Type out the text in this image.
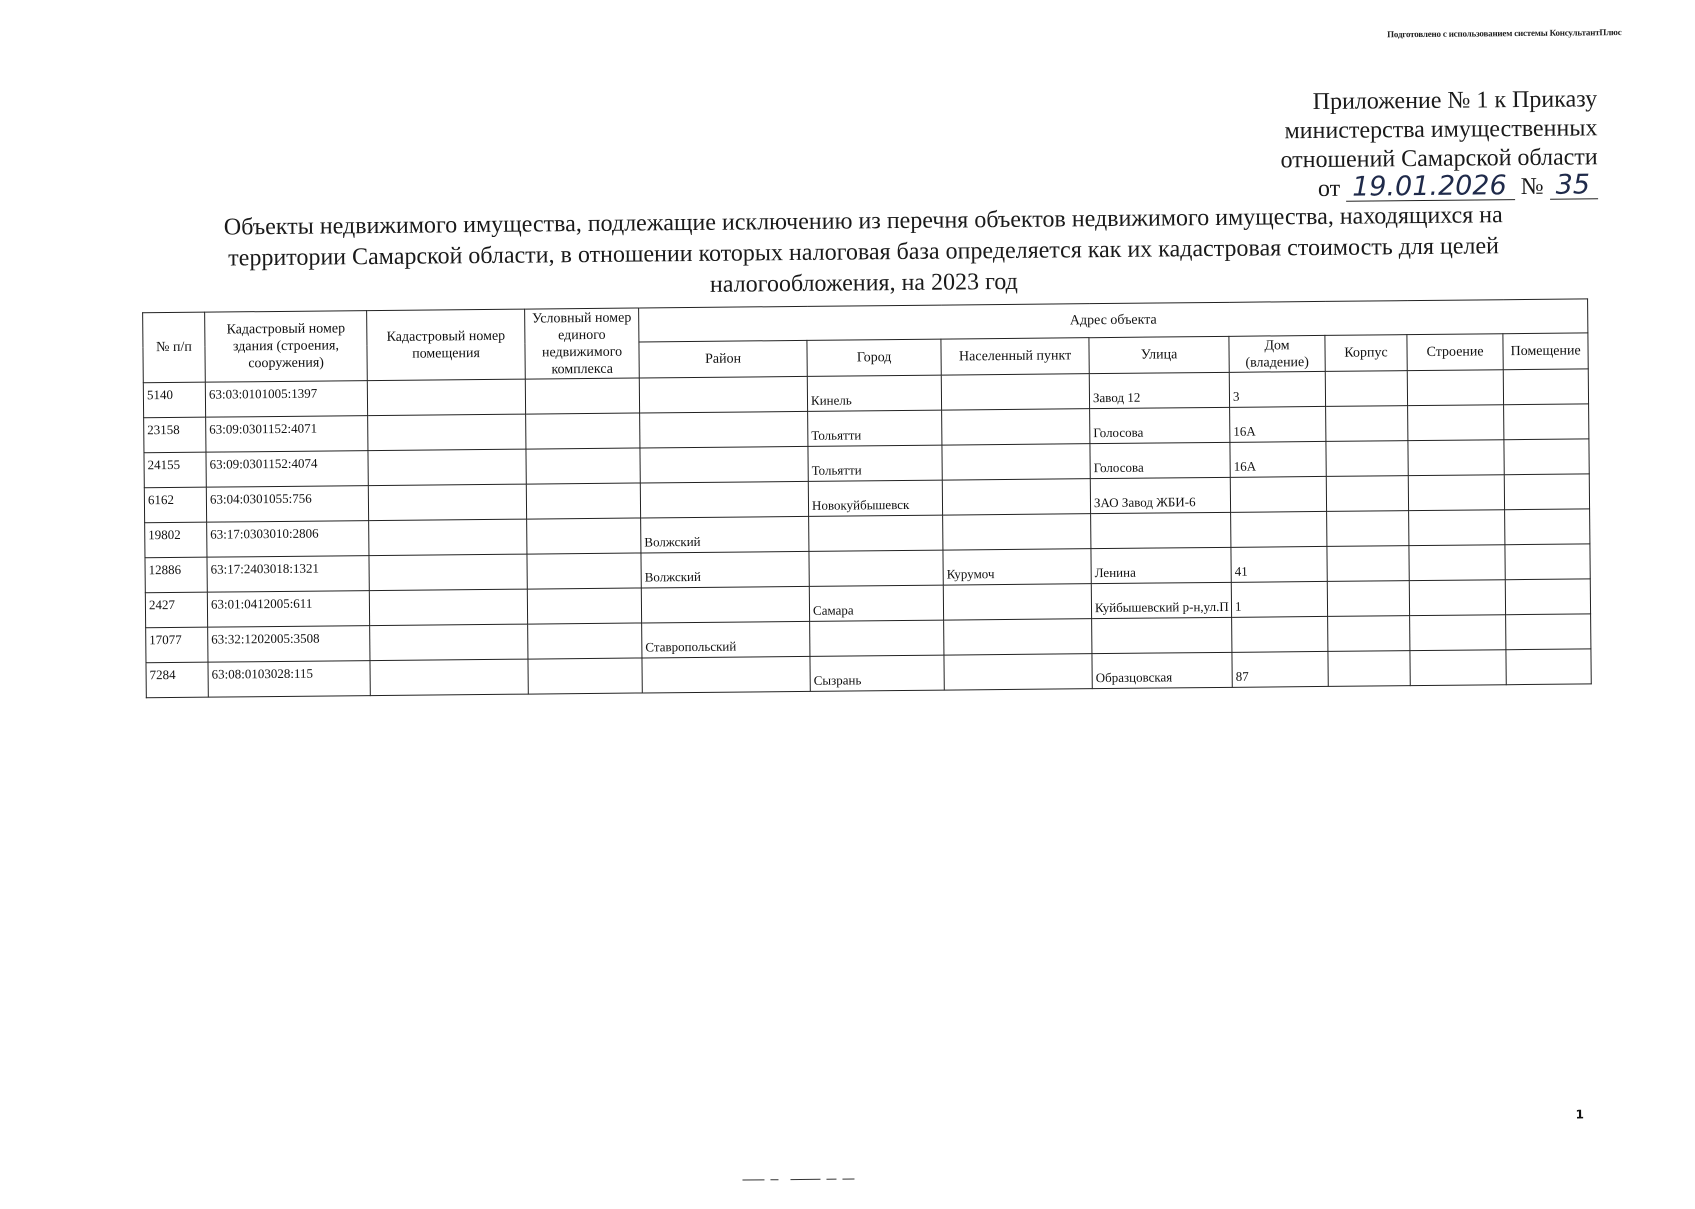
Подготовлено с использованием системы КонсультантПлюс
Приложение № 1 к Приказу
министерства имущественных
отношений Самарской области
от 19.01.2026 № 35
Объекты недвижимого имущества, подлежащие исключению из перечня объектов недвижимого имущества, находящихся на территории Самарской области, в отношении которых налоговая база определяется как их кадастровая стоимость для целей налогообложения, на 2023 год
№ п/п	Кадастровый номер здания (строения, сооружения)	Кадастровый номер помещения	Условный номер единого недвижимого комплекса	Адрес объекта							
				Район	Город	Населенный пункт	Улица	Дом (владение)	Корпус	Строение	Помещение
5140	63:03:0101005:1397				Кинель		Завод 12	3			
23158	63:09:0301152:4071				Тольятти		Голосова	16А			
24155	63:09:0301152:4074				Тольятти		Голосова	16А			
6162	63:04:0301055:756				Новокуйбышевск		ЗАО Завод ЖБИ-6				
19802	63:17:0303010:2806			Волжский							
12886	63:17:2403018:1321			Волжский		Курумоч	Ленина	41			
2427	63:01:0412005:611				Самара		Куйбышевский р-н,ул.П	1			
17077	63:32:1202005:3508			Ставропольский							
7284	63:08:0103028:115				Сызрань		Образцовская	87			
1
